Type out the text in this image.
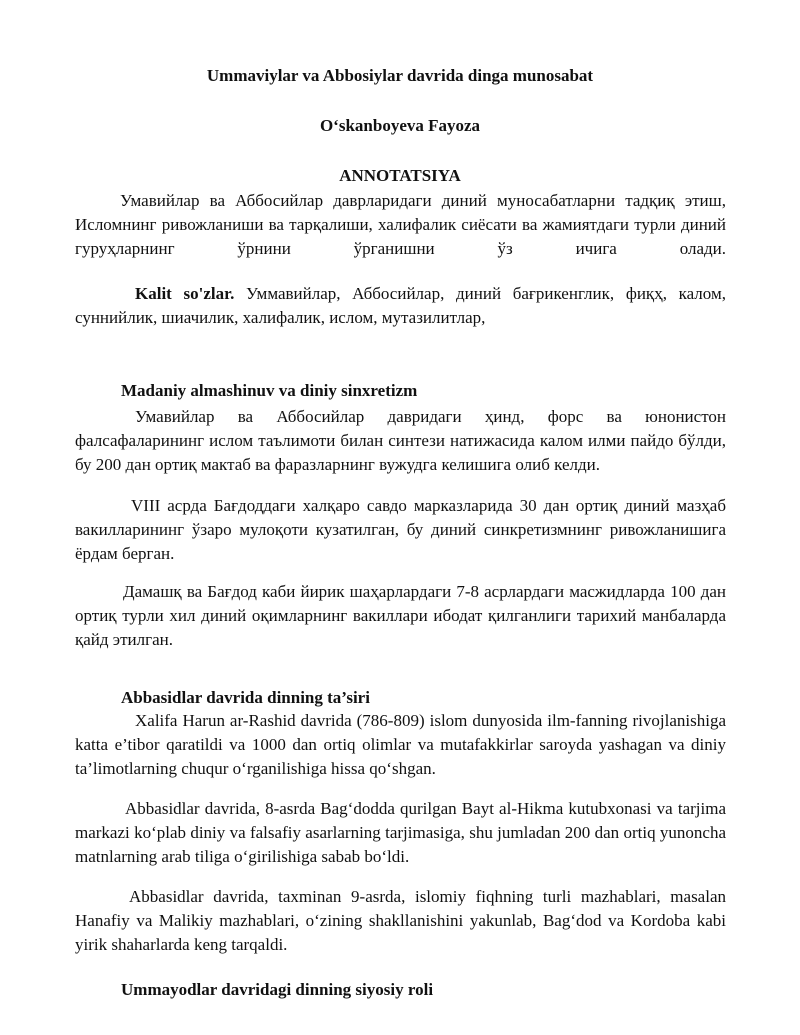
Ummaviylar va Abbosiylar davrida dinga munosabat
O‘skanboyeva Fayoza
ANNOTATSIYA
Умавийлар ва Аббосийлар даврларидаги диний муносабатларни тадқиқ этиш, Исломнинг ривожланиши ва тарқалиши, халифалик сиёсати ва жамиятдаги турли диний гуруҳларнинг ўрнини ўрганишни ўз ичига олади.
Kalit so'zlar. Уммавийлар, Аббосийлар, диний бағрикенглик, фиқҳ, калом, суннийлик, шиачилик, халифалик, ислом, мутазилитлар,
Madaniy almashinuv va diniy sinxretizm
Умавийлар ва Аббосийлар давридаги ҳинд, форс ва юнонистон фалсафаларининг ислом таълимоти билан синтези натижасида калом илми пайдо бўлди, бу 200 дан ортиқ мактаб ва фаразларнинг вужудга келишига олиб келди.
VIII асрда Бағдоддаги халқаро савдо марказларида 30 дан ортиқ диний мазҳаб вакилларининг ўзаро мулоқоти кузатилган, бу диний синкретизмнинг ривожланишига ёрдам берган.
Дамашқ ва Бағдод каби йирик шаҳарлардаги 7-8 асрлардаги масжидларда 100 дан ортиқ турли хил диний оқимларнинг вакиллари ибодат қилганлиги тарихий манбаларда қайд этилган.
Abbasidlar davrida dinning ta’siri
Xalifa Harun ar-Rashid davrida (786-809) islom dunyosida ilm-fanning rivojlanishiga katta e’tibor qaratildi va 1000 dan ortiq olimlar va mutafakkirlar saroyda yashagan va diniy ta’limotlarning chuqur o‘rganilishiga hissa qo‘shgan.
Abbasidlar davrida, 8-asrda Bag‘dodda qurilgan Bayt al-Hikma kutubxonasi va tarjima markazi ko‘plab diniy va falsafiy asarlarning tarjimasiga, shu jumladan 200 dan ortiq yunoncha matnlarning arab tiliga o‘girilishiga sabab bo‘ldi.
Abbasidlar davrida, taxminan 9-asrda, islomiy fiqhning turli mazhablari, masalan Hanafiy va Malikiy mazhablari, o‘zining shakllanishini yakunlab, Bag‘dod va Kordoba kabi yirik shaharlarda keng tarqaldi.
Ummayodlar davridagi dinning siyosiy roli
